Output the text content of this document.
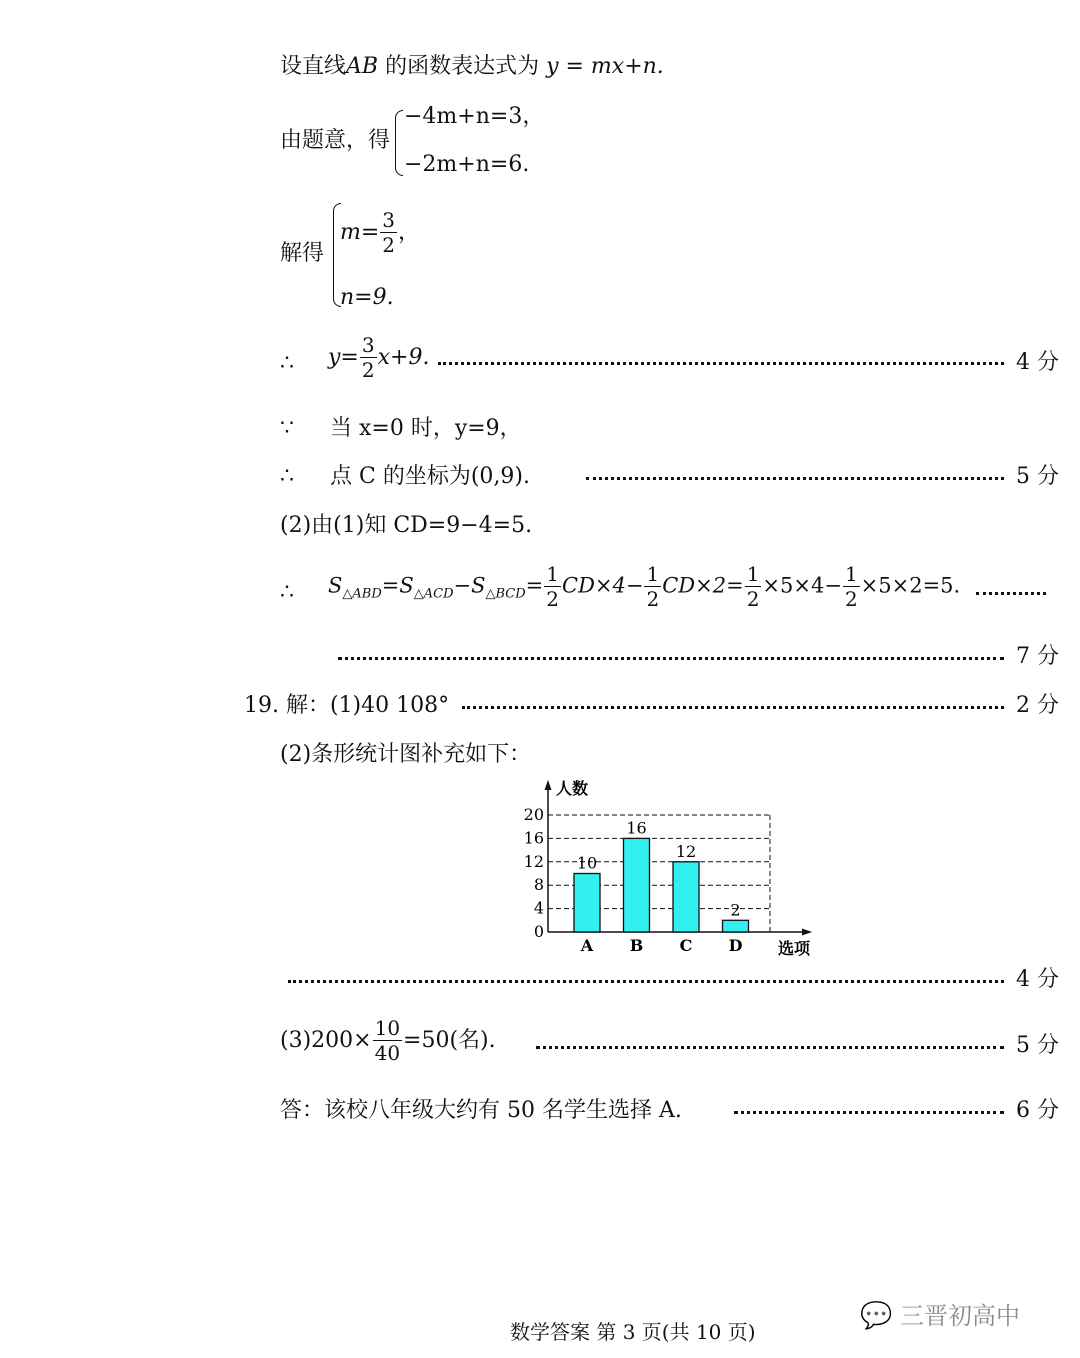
设直线AB 的函数表达式为 y = mx+n.
由题意，得
−4m+n=3，
−2m+n=6.
解得
$m= \frac{3}{2}$ ，
n=9.
∴ $y= \frac{3}{2} x+9$.	4 分
∵ 当 x=0 时，y=9，
∴ 点 C 的坐标为(0,9).	5 分
(2)由(1)知 CD=9−4=5.
∴ $S_{\triangle ABD}=S_{\triangle ACD}-S_{\triangle BCD}= \frac{1}{2} CD\times 4- \frac{1}{2} CD\times 2= \frac{1}{2} \times 5\times 4- \frac{1}{2} \times 5\times 2=5$.
7 分
19. 解：(1)40 108°	2 分
(2)条形统计图补充如下：
人数
选项
0
4
8
12
16
20
10
16
12
2
A B C D
4 分
$(3)200\times \frac{10}{40} =50$(名).	5 分
答：该校八年级大约有 50 名学生选择 A.	6 分
数学答案 第 3 页(共 10 页)
💬 三晋初高中
